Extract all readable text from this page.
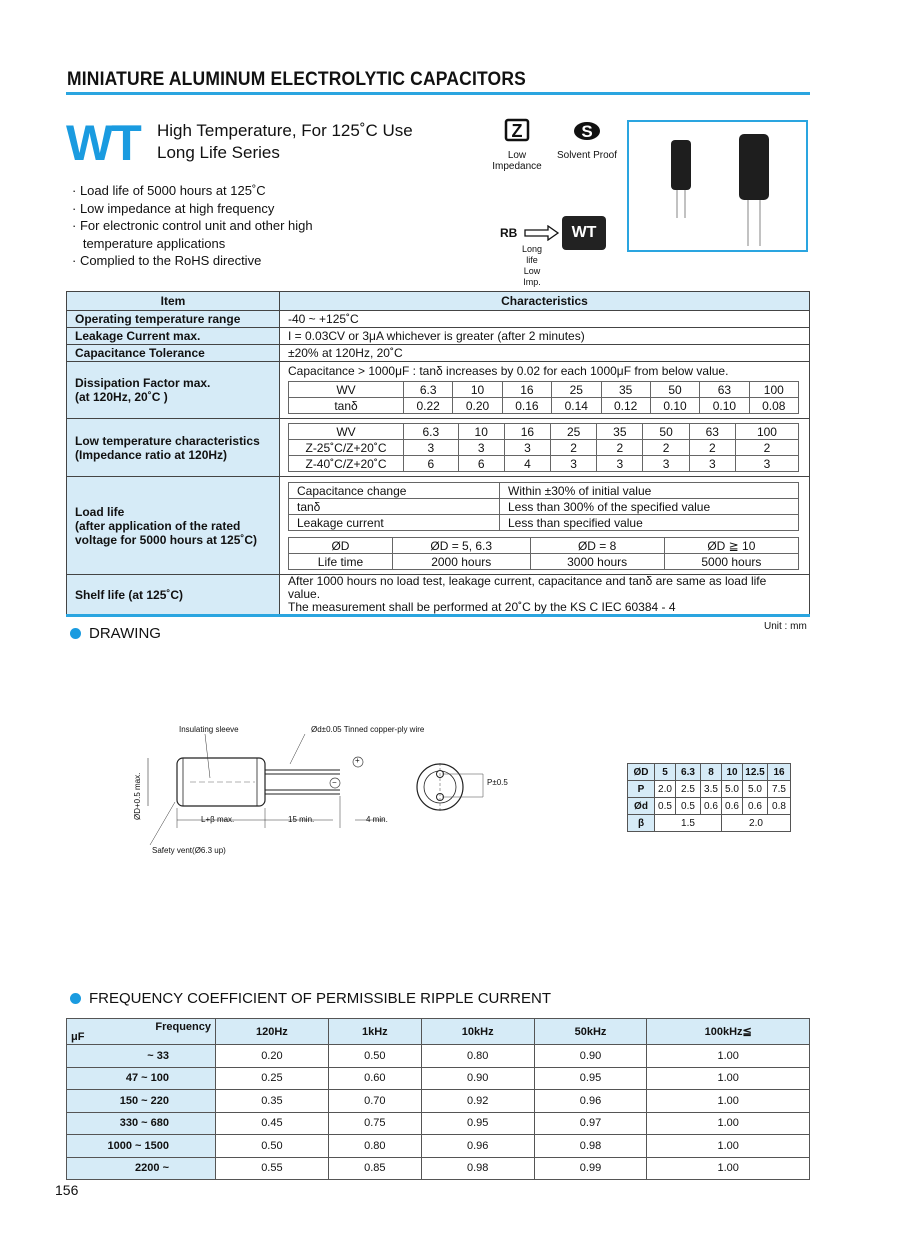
MINIATURE ALUMINUM ELECTROLYTIC CAPACITORS
WT High Temperature, For 125˚C Use
Long Life Series
· Load life of 5000 hours at 125˚C
· Low impedance at high frequency
· For electronic control unit and other high
temperature applications
· Complied to the RoHS directive
Z
Low Impedance
S
Solvent Proof
RB	WT
Long life
Low Imp.
Item	Characteristics
Operating temperature range	-40 ~ +125˚C
Leakage Current max.	I = 0.03CV or 3μA whichever is greater (after 2 minutes)
Capacitance Tolerance	±20% at 120Hz, 20˚C

Dissipation Factor max.
(at 120Hz, 20˚C )

Capacitance > 1000μF : tanδ increases by 0.02 for each 1000μF from below value.
WV	6.3	10	16	25	35	50	63	100
tanδ	0.22	0.20	0.16	0.14	0.12	0.10	0.10	0.08

Low temperature characteristics
(Impedance ratio at 120Hz)

WV	6.3	10	16	25	35	50	63	100
Z-25˚C/Z+20˚C	3	3	3	2	2	2	2	2
Z-40˚C/Z+20˚C	6	6	4	3	3	3	3	3

Load life
(after application of the rated
voltage for 5000 hours at 125˚C)

Capacitance change	Within ±30% of initial value
tanδ	Less than 300% of the specified value
Leakage current	Less than specified value
ØD	ØD = 5, 6.3	ØD = 8	ØD ≧ 10
Life time	2000 hours	3000 hours	5000 hours

Shelf life (at 125˚C)	
After 1000 hours no load test, leakage current, capacitance and tanδ are same as load life value.
The measurement shall be performed at 20˚C by the KS C IEC 60384 - 4
DRAWING	Unit : mm
Insulating sleeve	Ød±0.05 Tinned copper-ply wire
ØD+0.5 max.	L+β max.	15 min.	4 min.
Safety vent(Ø6.3 up)
+
−	P±0.5
ØD	5	6.3	8	10	12.5	16
P	2.0	2.5	3.5	5.0	5.0	7.5
Ød	0.5	0.5	0.6	0.6	0.6	0.8
β	1.5			2.0		
FREQUENCY COEFFICIENT OF PERMISSIBLE RIPPLE CURRENT
Frequency
μF	120Hz	1kHz	10kHz	50kHz	100kHz≦
~ 33	0.20	0.50	0.80	0.90	1.00
47 ~ 100	0.25	0.60	0.90	0.95	1.00
150 ~ 220	0.35	0.70	0.92	0.96	1.00
330 ~ 680	0.45	0.75	0.95	0.97	1.00
1000 ~ 1500	0.50	0.80	0.96	0.98	1.00
2200 ~	0.55	0.85	0.98	0.99	1.00
156
